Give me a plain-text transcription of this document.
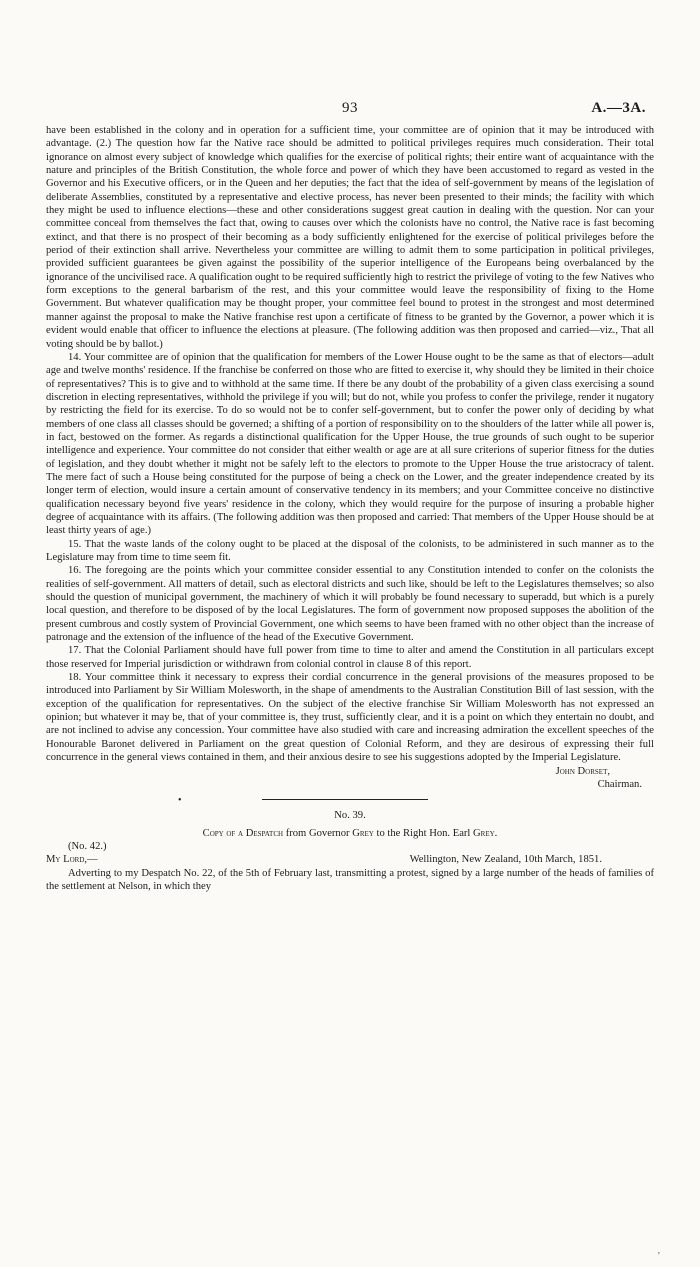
93	A.—3A.

have been established in the colony and in operation for a sufficient time, your committee are of opinion that it may be introduced with advantage. (2.) The question how far the Native race should be admitted to political privileges requires much consideration. Their total ignorance on almost every subject of knowledge which qualifies for the exercise of political rights; their entire want of acquaintance with the nature and principles of the British Constitution, the whole force and power of which they have been accustomed to regard as vested in the Governor and his Executive officers, or in the Queen and her deputies; the fact that the idea of self-government by means of the legislation of deliberate Assemblies, constituted by a representative and elective process, has never been presented to their minds; the facility with which they might be used to influence elections—these and other considerations suggest great caution in dealing with the question. Nor can your committee conceal from themselves the fact that, owing to causes over which the colonists have no control, the Native race is fast becoming extinct, and that there is no prospect of their becoming as a body sufficiently enlightened for the exercise of political privileges before the period of their extinction shall arrive. Nevertheless your committee are willing to admit them to some participation in political privileges, provided sufficient guarantees be given against the possibility of the superior intelligence of the Europeans being overbalanced by the ignorance of the uncivilised race. A qualification ought to be required sufficiently high to restrict the privilege of voting to the few Natives who form exceptions to the general barbarism of the rest, and this your committee would leave the responsibility of fixing to the Home Government. But whatever qualification may be thought proper, your committee feel bound to protest in the strongest and most determined manner against the proposal to make the Native franchise rest upon a certificate of fitness to be granted by the Governor, a power which it is evident would enable that officer to influence the elections at pleasure. (The following addition was then proposed and carried—viz., That all voting should be by ballot.)

14. Your committee are of opinion that the qualification for members of the Lower House ought to be the same as that of electors—adult age and twelve months' residence. If the franchise be conferred on those who are fitted to exercise it, why should they be limited in their choice of representatives? This is to give and to withhold at the same time. If there be any doubt of the probability of a given class exercising a sound discretion in electing representatives, withhold the privilege if you will; but do not, while you profess to confer the privilege, render it nugatory by restricting the field for its exercise. To do so would not be to confer self-government, but to confer the power only of deciding by what members of one class all classes should be governed; a shifting of a portion of responsibility on to the shoulders of the latter while all power is, in fact, bestowed on the former. As regards a distinctional qualification for the Upper House, the true grounds of such ought to be superior intelligence and experience. Your committee do not consider that either wealth or age are at all sure criterions of superior fitness for the duties of legislation, and they doubt whether it might not be safely left to the electors to promote to the Upper House the true aristocracy of talent. The mere fact of such a House being constituted for the purpose of being a check on the Lower, and the greater independence created by its longer term of election, would insure a certain amount of conservative tendency in its members; and your Committee conceive no distinctive qualification necessary beyond five years' residence in the colony, which they would require for the purpose of insuring a probable higher degree of acquaintance with its affairs. (The following addition was then proposed and carried: That members of the Upper House should be at least thirty years of age.)

15. That the waste lands of the colony ought to be placed at the disposal of the colonists, to be administered in such manner as to the Legislature may from time to time seem fit.

16. The foregoing are the points which your committee consider essential to any Constitution intended to confer on the colonists the realities of self-government. All matters of detail, such as electoral districts and such like, should be left to the Legislatures themselves; so also should the question of municipal government, the machinery of which it will probably be found necessary to superadd, but which is a purely local question, and therefore to be disposed of by the local Legislatures. The form of government now proposed supposes the abolition of the present cumbrous and costly system of Provincial Government, one which seems to have been framed with no other object than the increase of patronage and the extension of the influence of the head of the Executive Government.

17. That the Colonial Parliament should have full power from time to time to alter and amend the Constitution in all particulars except those reserved for Imperial jurisdiction or withdrawn from colonial control in clause 8 of this report.

18. Your committee think it necessary to express their cordial concurrence in the general provisions of the measures proposed to be introduced into Parliament by Sir William Molesworth, in the shape of amendments to the Australian Constitution Bill of last session, with the exception of the qualification for representatives. On the subject of the elective franchise Sir William Molesworth has not expressed an opinion; but whatever it may be, that of your committee is, they trust, sufficiently clear, and it is a point on which they entertain no doubt, and are not inclined to advise any concession. Your committee have also studied with care and increasing admiration the excellent speeches of the Honourable Baronet delivered in Parliament on the great question of Colonial Reform, and they are desirous of expressing their full concurrence in the general views contained in them, and their anxious desire to see his suggestions adopted by the Imperial Legislature.

John Dorset,
Chairman.
•

No. 39.

Copy of a Despatch from Governor Grey to the Right Hon. Earl Grey.

(No. 42.)

My Lord,—	Wellington, New Zealand, 10th March, 1851.

Adverting to my Despatch No. 22, of the 5th of February last, transmitting a protest, signed by a large number of the heads of families of the settlement at Nelson, in which they

,
